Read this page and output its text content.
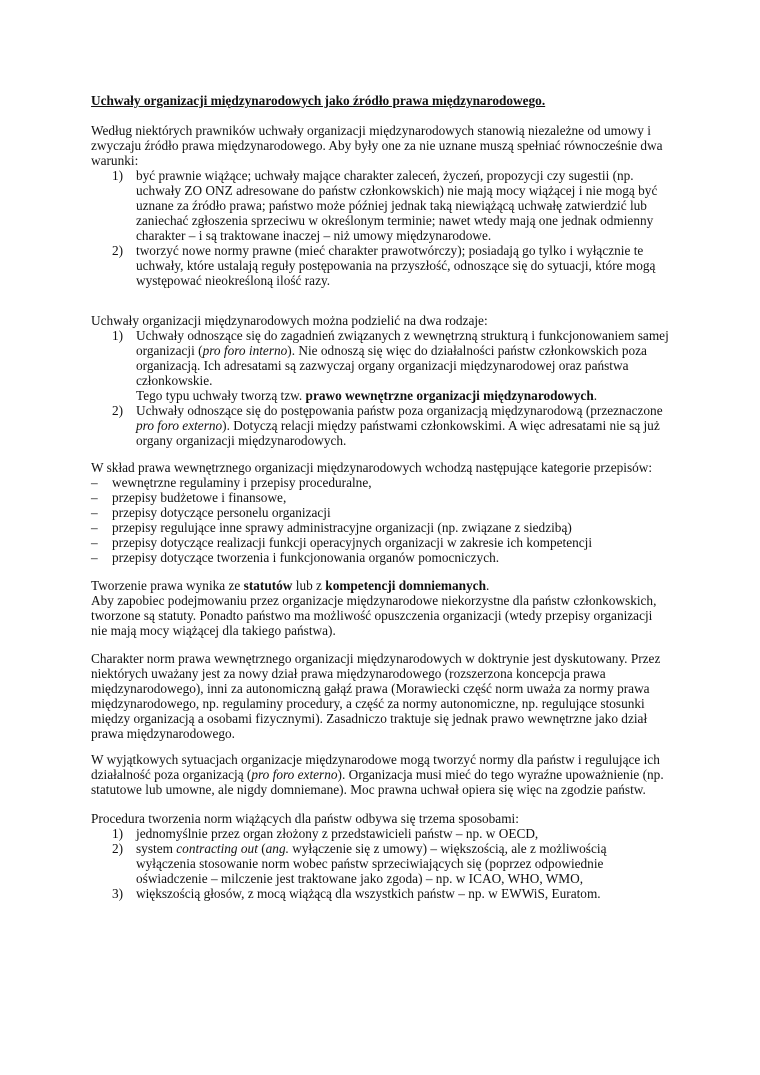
Uchwały organizacji międzynarodowych jako źródło prawa międzynarodowego.

Według niektórych prawników uchwały organizacji międzynarodowych stanowią niezależne od umowy i zwyczaju źródło prawa międzynarodowego. Aby były one za nie uznane muszą spełniać równocześnie dwa warunki:

1) być prawnie wiążące; uchwały mające charakter zaleceń, życzeń, propozycji czy sugestii (np. uchwały ZO ONZ adresowane do państw członkowskich) nie mają mocy wiążącej i nie mogą być uznane za źródło prawa; państwo może później jednak taką niewiążącą uchwałę zatwierdzić lub zaniechać zgłoszenia sprzeciwu w określonym terminie; nawet wtedy mają one jednak odmienny charakter – i są traktowane inaczej – niż umowy międzynarodowe.
2) tworzyć nowe normy prawne (mieć charakter prawotwórczy); posiadają go tylko i wyłącznie te uchwały, które ustalają reguły postępowania na przyszłość, odnoszące się do sytuacji, które mogą występować nieokreśloną ilość razy.

Uchwały organizacji międzynarodowych można podzielić na dwa rodzaje:

1) Uchwały odnoszące się do zagadnień związanych z wewnętrzną strukturą i funkcjonowaniem samej organizacji (pro foro interno). Nie odnoszą się więc do działalności państw członkowskich poza organizacją. Ich adresatami są zazwyczaj organy organizacji międzynarodowej oraz państwa członkowskie.
Tego typu uchwały tworzą tzw. prawo wewnętrzne organizacji międzynarodowych.
2) Uchwały odnoszące się do postępowania państw poza organizacją międzynarodową (przeznaczone pro foro externo). Dotyczą relacji między państwami członkowskimi. A więc adresatami nie są już organy organizacji międzynarodowych.

W skład prawa wewnętrznego organizacji międzynarodowych wchodzą następujące kategorie przepisów:

– wewnętrzne regulaminy i przepisy proceduralne,
– przepisy budżetowe i finansowe,
– przepisy dotyczące personelu organizacji
– przepisy regulujące inne sprawy administracyjne organizacji (np. związane z siedzibą)
– przepisy dotyczące realizacji funkcji operacyjnych organizacji w zakresie ich kompetencji
– przepisy dotyczące tworzenia i funkcjonowania organów pomocniczych.

Tworzenie prawa wynika ze statutów lub z kompetencji domniemanych.

Aby zapobiec podejmowaniu przez organizacje międzynarodowe niekorzystne dla państw członkowskich, tworzone są statuty. Ponadto państwo ma możliwość opuszczenia organizacji (wtedy przepisy organizacji nie mają mocy wiążącej dla takiego państwa).

Charakter norm prawa wewnętrznego organizacji międzynarodowych w doktrynie jest dyskutowany. Przez niektórych uważany jest za nowy dział prawa międzynarodowego (rozszerzona koncepcja prawa międzynarodowego), inni za autonomiczną gałąź prawa (Morawiecki część norm uważa za normy prawa międzynarodowego, np. regulaminy procedury, a część za normy autonomiczne, np. regulujące stosunki między organizacją a osobami fizycznymi). Zasadniczo traktuje się jednak prawo wewnętrzne jako dział prawa międzynarodowego.

W wyjątkowych sytuacjach organizacje międzynarodowe mogą tworzyć normy dla państw i regulujące ich działalność poza organizacją (pro foro externo). Organizacja musi mieć do tego wyraźne upoważnienie (np. statutowe lub umowne, ale nigdy domniemane). Moc prawna uchwał opiera się więc na zgodzie państw.

Procedura tworzenia norm wiążących dla państw odbywa się trzema sposobami:

1) jednomyślnie przez organ złożony z przedstawicieli państw – np. w OECD,
2) system contracting out (ang. wyłączenie się z umowy) – większością, ale z możliwością wyłączenia stosowanie norm wobec państw sprzeciwiających się (poprzez odpowiednie oświadczenie – milczenie jest traktowane jako zgoda) – np. w ICAO, WHO, WMO,
3) większością głosów, z mocą wiążącą dla wszystkich państw – np. w EWWiS, Euratom.
